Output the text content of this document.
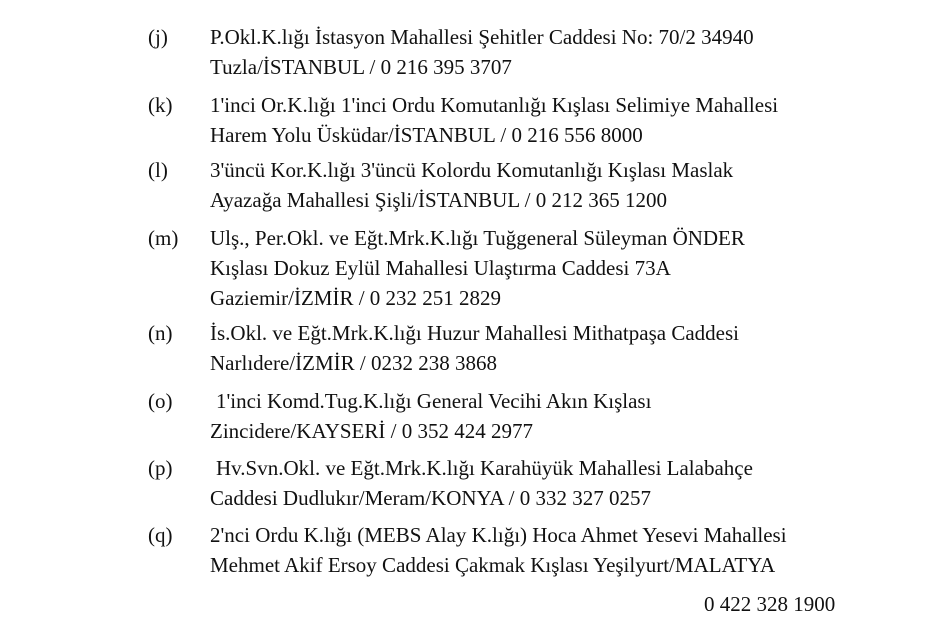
(j) P.Okl.K.lığı İstasyon Mahallesi Şehitler Caddesi No: 70/2 34940
Tuzla/İSTANBUL / 0 216 395 3707
(k) 1'inci Or.K.lığı 1'inci Ordu Komutanlığı Kışlası Selimiye Mahallesi
Harem Yolu Üsküdar/İSTANBUL / 0 216 556 8000
(l) 3'üncü Kor.K.lığı 3'üncü Kolordu Komutanlığı Kışlası Maslak
Ayazağa Mahallesi Şişli/İSTANBUL / 0 212 365 1200
(m) Ulş., Per.Okl. ve Eğt.Mrk.K.lığı Tuğgeneral Süleyman ÖNDER
Kışlası Dokuz Eylül Mahallesi Ulaştırma Caddesi 73A
Gaziemir/İZMİR / 0 232 251 2829
(n) İs.Okl. ve Eğt.Mrk.K.lığı Huzur Mahallesi Mithatpaşa Caddesi
Narlıdere/İZMİR / 0232 238 3868
(o) 1'inci Komd.Tug.K.lığı General Vecihi Akın Kışlası
Zincidere/KAYSERİ / 0 352 424 2977
(p) Hv.Svn.Okl. ve Eğt.Mrk.K.lığı Karahüyük Mahallesi Lalabahçe
Caddesi Dudlukır/Meram/KONYA / 0 332 327 0257
(q) 2'nci Ordu K.lığı (MEBS Alay K.lığı) Hoca Ahmet Yesevi Mahallesi
Mehmet Akif Ersoy Caddesi Çakmak Kışlası Yeşilyurt/MALATYA
0 422 328 1900
